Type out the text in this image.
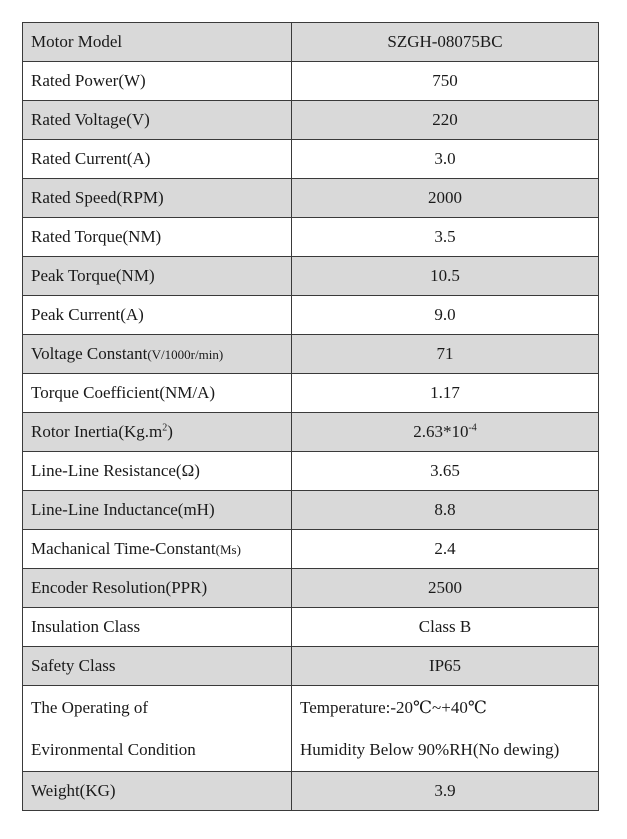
Motor Model	SZGH-08075BC
Rated Power(W)	750
Rated Voltage(V)	220
Rated Current(A)	3.0
Rated Speed(RPM)	2000
Rated Torque(NM)	3.5
Peak Torque(NM)	10.5
Peak Current(A)	9.0
Voltage Constant(V/1000r/min)	71
Torque Coefficient(NM/A)	1.17
Rotor $Inertia(Kg.m^2)$	$2.63*10^{-4}$
Line-Line Resistance(Ω)	3.65
Line-Line Inductance(mH)	8.8
Machanical Time-Constant(Ms)	2.4
Encoder Resolution(PPR)	2500
Insulation Class	Class B
Safety Class	IP65

The Operating of
Evironmental Condition	Temperature:-20℃~+40℃
Humidity Below 90%RH(No dewing)

Weight(KG)	3.9
